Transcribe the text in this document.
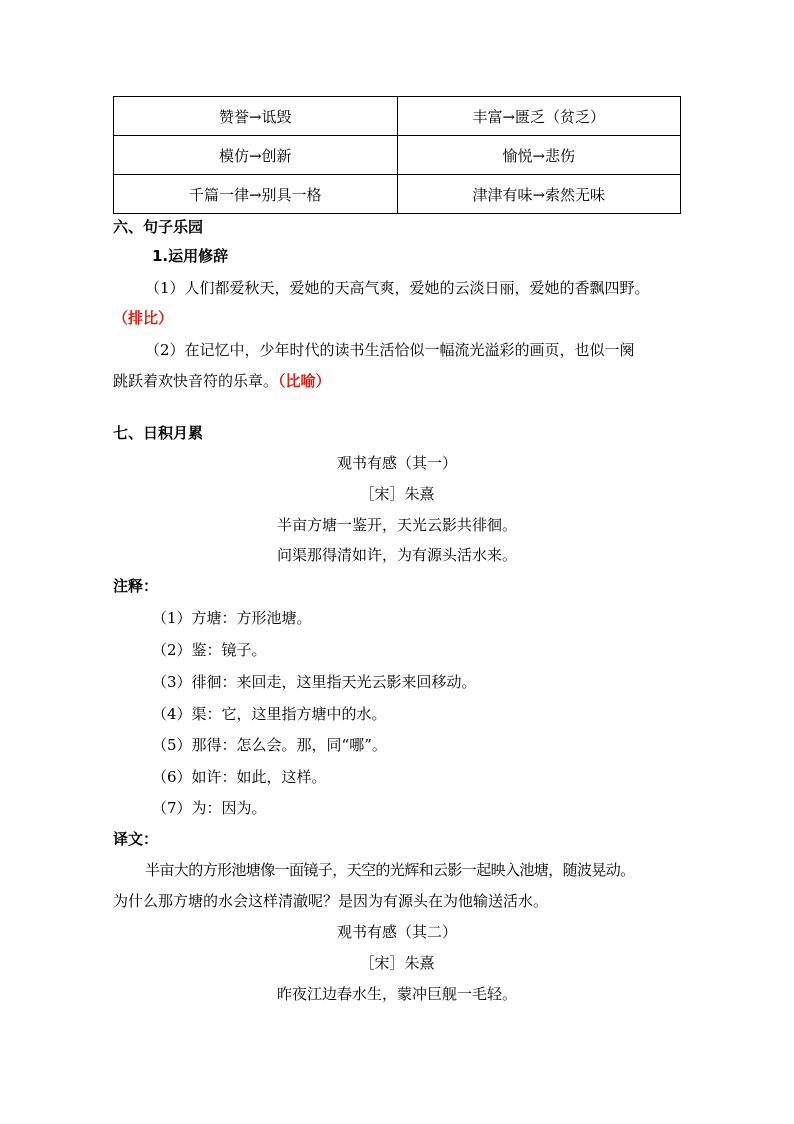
赞誉→诋毁	丰富→匮乏（贫乏）
模仿→创新	愉悦→悲伤
千篇一律→别具一格	津津有味→索然无味
六、句子乐园
1.运用修辞
（1）人们都爱秋天，爱她的天高气爽，爱她的云淡日丽，爱她的香飘四野。
（排比）
（2）在记忆中，少年时代的读书生活恰似一幅流光溢彩的画页，也似一阕
跳跃着欢快音符的乐章。（比喻）
七、日积月累
观书有感（其一）
［宋］朱熹
半亩方塘一鉴开，天光云影共徘徊。
问渠那得清如许，为有源头活水来。
注释：
（1）方塘：方形池塘。
（2）鉴：镜子。
（3）徘徊：来回走，这里指天光云影来回移动。
（4）渠：它，这里指方塘中的水。
（5）那得：怎么会。那，同“哪”。
（6）如许：如此，这样。
（7）为：因为。
译文：
半亩大的方形池塘像一面镜子，天空的光辉和云影一起映入池塘，随波晃动。
为什么那方塘的水会这样清澈呢？是因为有源头在为他输送活水。
观书有感（其二）
［宋］朱熹
昨夜江边春水生，蒙冲巨舰一毛轻。
